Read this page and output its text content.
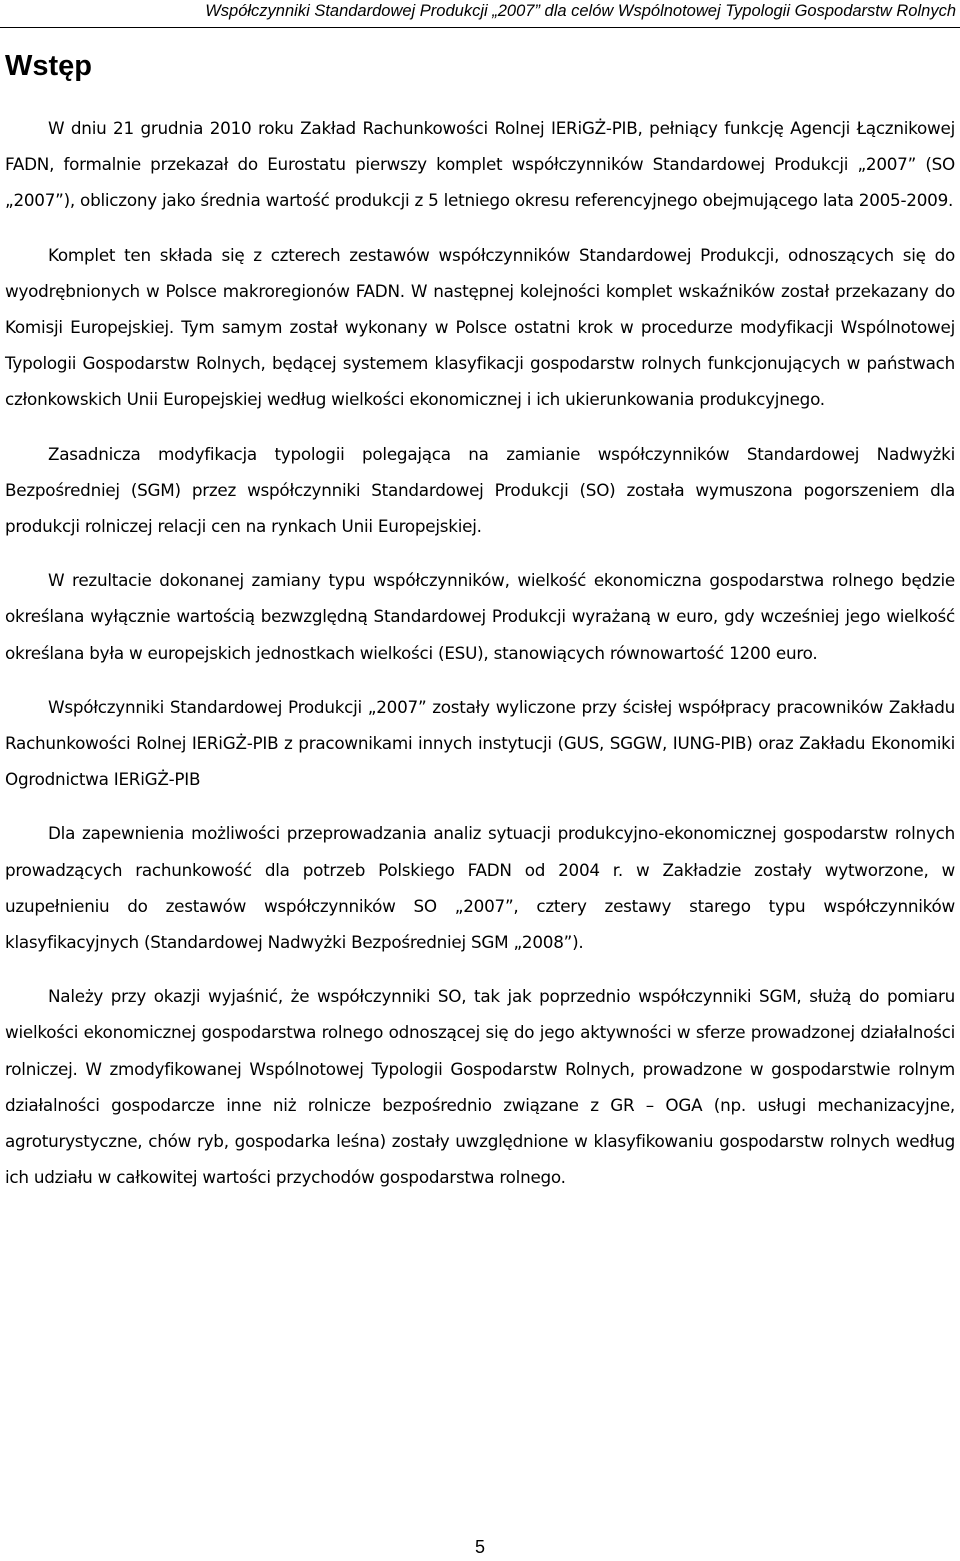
Współczynniki Standardowej Produkcji „2007” dla celów Wspólnotowej Typologii Gospodarstw Rolnych
Wstęp

W dniu 21 grudnia 2010 roku Zakład Rachunkowości Rolnej IERiGŻ-PIB, pełniący funkcję Agencji Łącznikowej FADN, formalnie przekazał do Eurostatu pierwszy komplet współczynników Standardowej Produkcji „2007” (SO „2007”), obliczony jako średnia wartość produkcji z 5 letniego okresu referencyjnego obejmującego lata 2005-2009.

Komplet ten składa się z czterech zestawów współczynników Standardowej Produkcji, odnoszących się do wyodrębnionych w Polsce makroregionów FADN. W następnej kolejności komplet wskaźników został przekazany do Komisji Europejskiej. Tym samym został wykonany w Polsce ostatni krok w procedurze modyfikacji Wspólnotowej Typologii Gospodarstw Rolnych, będącej systemem klasyfikacji gospodarstw rolnych funkcjonujących w państwach członkowskich Unii Europejskiej według wielkości ekonomicznej i ich ukierunkowania produkcyjnego.

Zasadnicza modyfikacja typologii polegająca na zamianie współczynników Standardowej Nadwyżki Bezpośredniej (SGM) przez współczynniki Standardowej Produkcji (SO) została wymuszona pogorszeniem dla produkcji rolniczej relacji cen na rynkach Unii Europejskiej.

W rezultacie dokonanej zamiany typu współczynników, wielkość ekonomiczna gospodarstwa rolnego będzie określana wyłącznie wartością bezwzględną Standardowej Produkcji wyrażaną w euro, gdy wcześniej jego wielkość określana była w europejskich jednostkach wielkości (ESU), stanowiących równowartość 1200 euro.

Współczynniki Standardowej Produkcji „2007” zostały wyliczone przy ścisłej współpracy pracowników Zakładu Rachunkowości Rolnej IERiGŻ-PIB z pracownikami innych instytucji (GUS, SGGW, IUNG-PIB) oraz Zakładu Ekonomiki Ogrodnictwa IERiGŻ-PIB

Dla zapewnienia możliwości przeprowadzania analiz sytuacji produkcyjno-ekonomicznej gospodarstw rolnych prowadzących rachunkowość dla potrzeb Polskiego FADN od 2004 r. w Zakładzie zostały wytworzone, w uzupełnieniu do zestawów współczynników SO „2007”, cztery zestawy starego typu współczynników klasyfikacyjnych (Standardowej Nadwyżki Bezpośredniej SGM „2008”).

Należy przy okazji wyjaśnić, że współczynniki SO, tak jak poprzednio współczynniki SGM, służą do pomiaru wielkości ekonomicznej gospodarstwa rolnego odnoszącej się do jego aktywności w sferze prowadzonej działalności rolniczej. W zmodyfikowanej Wspólnotowej Typologii Gospodarstw Rolnych, prowadzone w gospodarstwie rolnym działalności gospodarcze inne niż rolnicze bezpośrednio związane z GR – OGA (np. usługi mechanizacyjne, agroturystyczne, chów ryb, gospodarka leśna) zostały uwzględnione w klasyfikowaniu gospodarstw rolnych według ich udziału w całkowitej wartości przychodów gospodarstwa rolnego.

5
